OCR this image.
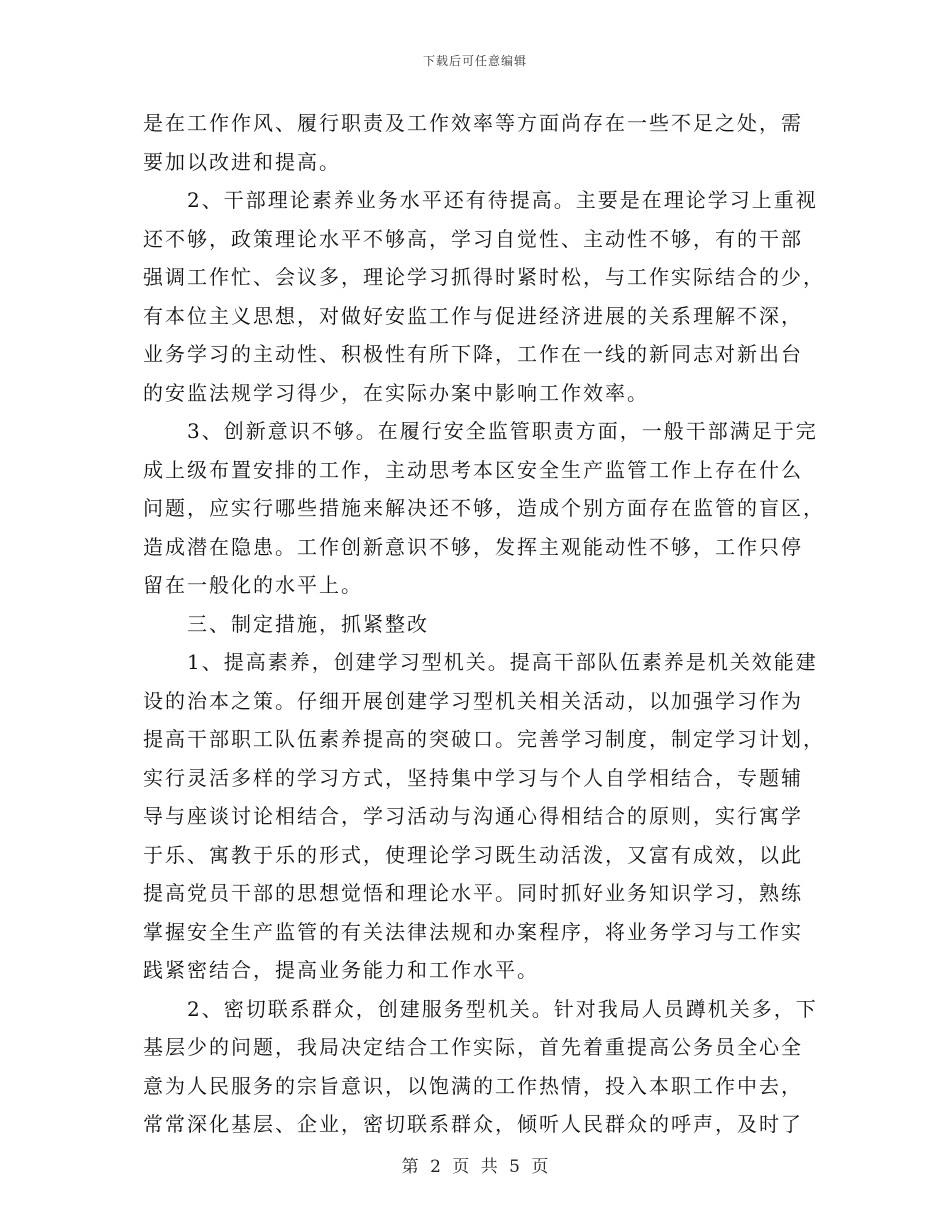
下载后可任意编辑
是在工作作风、履行职责及工作效率等方面尚存在一些不足之处，需
要加以改进和提高。
2、干部理论素养业务水平还有待提高。主要是在理论学习上重视
还不够，政策理论水平不够高，学习自觉性、主动性不够，有的干部
强调工作忙、会议多，理论学习抓得时紧时松，与工作实际结合的少，
有本位主义思想，对做好安监工作与促进经济进展的关系理解不深，
业务学习的主动性、积极性有所下降，工作在一线的新同志对新出台
的安监法规学习得少，在实际办案中影响工作效率。
3、创新意识不够。在履行安全监管职责方面，一般干部满足于完
成上级布置安排的工作，主动思考本区安全生产监管工作上存在什么
问题，应实行哪些措施来解决还不够，造成个别方面存在监管的盲区，
造成潜在隐患。工作创新意识不够，发挥主观能动性不够，工作只停
留在一般化的水平上。
三、制定措施，抓紧整改
1、提高素养，创建学习型机关。提高干部队伍素养是机关效能建
设的治本之策。仔细开展创建学习型机关相关活动，以加强学习作为
提高干部职工队伍素养提高的突破口。完善学习制度，制定学习计划，
实行灵活多样的学习方式，坚持集中学习与个人自学相结合，专题辅
导与座谈讨论相结合，学习活动与沟通心得相结合的原则，实行寓学
于乐、寓教于乐的形式，使理论学习既生动活泼，又富有成效，以此
提高党员干部的思想觉悟和理论水平。同时抓好业务知识学习，熟练
掌握安全生产监管的有关法律法规和办案程序，将业务学习与工作实
践紧密结合，提高业务能力和工作水平。
2、密切联系群众，创建服务型机关。针对我局人员蹲机关多，下
基层少的问题，我局决定结合工作实际，首先着重提高公务员全心全
意为人民服务的宗旨意识，以饱满的工作热情，投入本职工作中去，
常常深化基层、企业，密切联系群众，倾听人民群众的呼声，及时了
第 2 页 共 5 页
